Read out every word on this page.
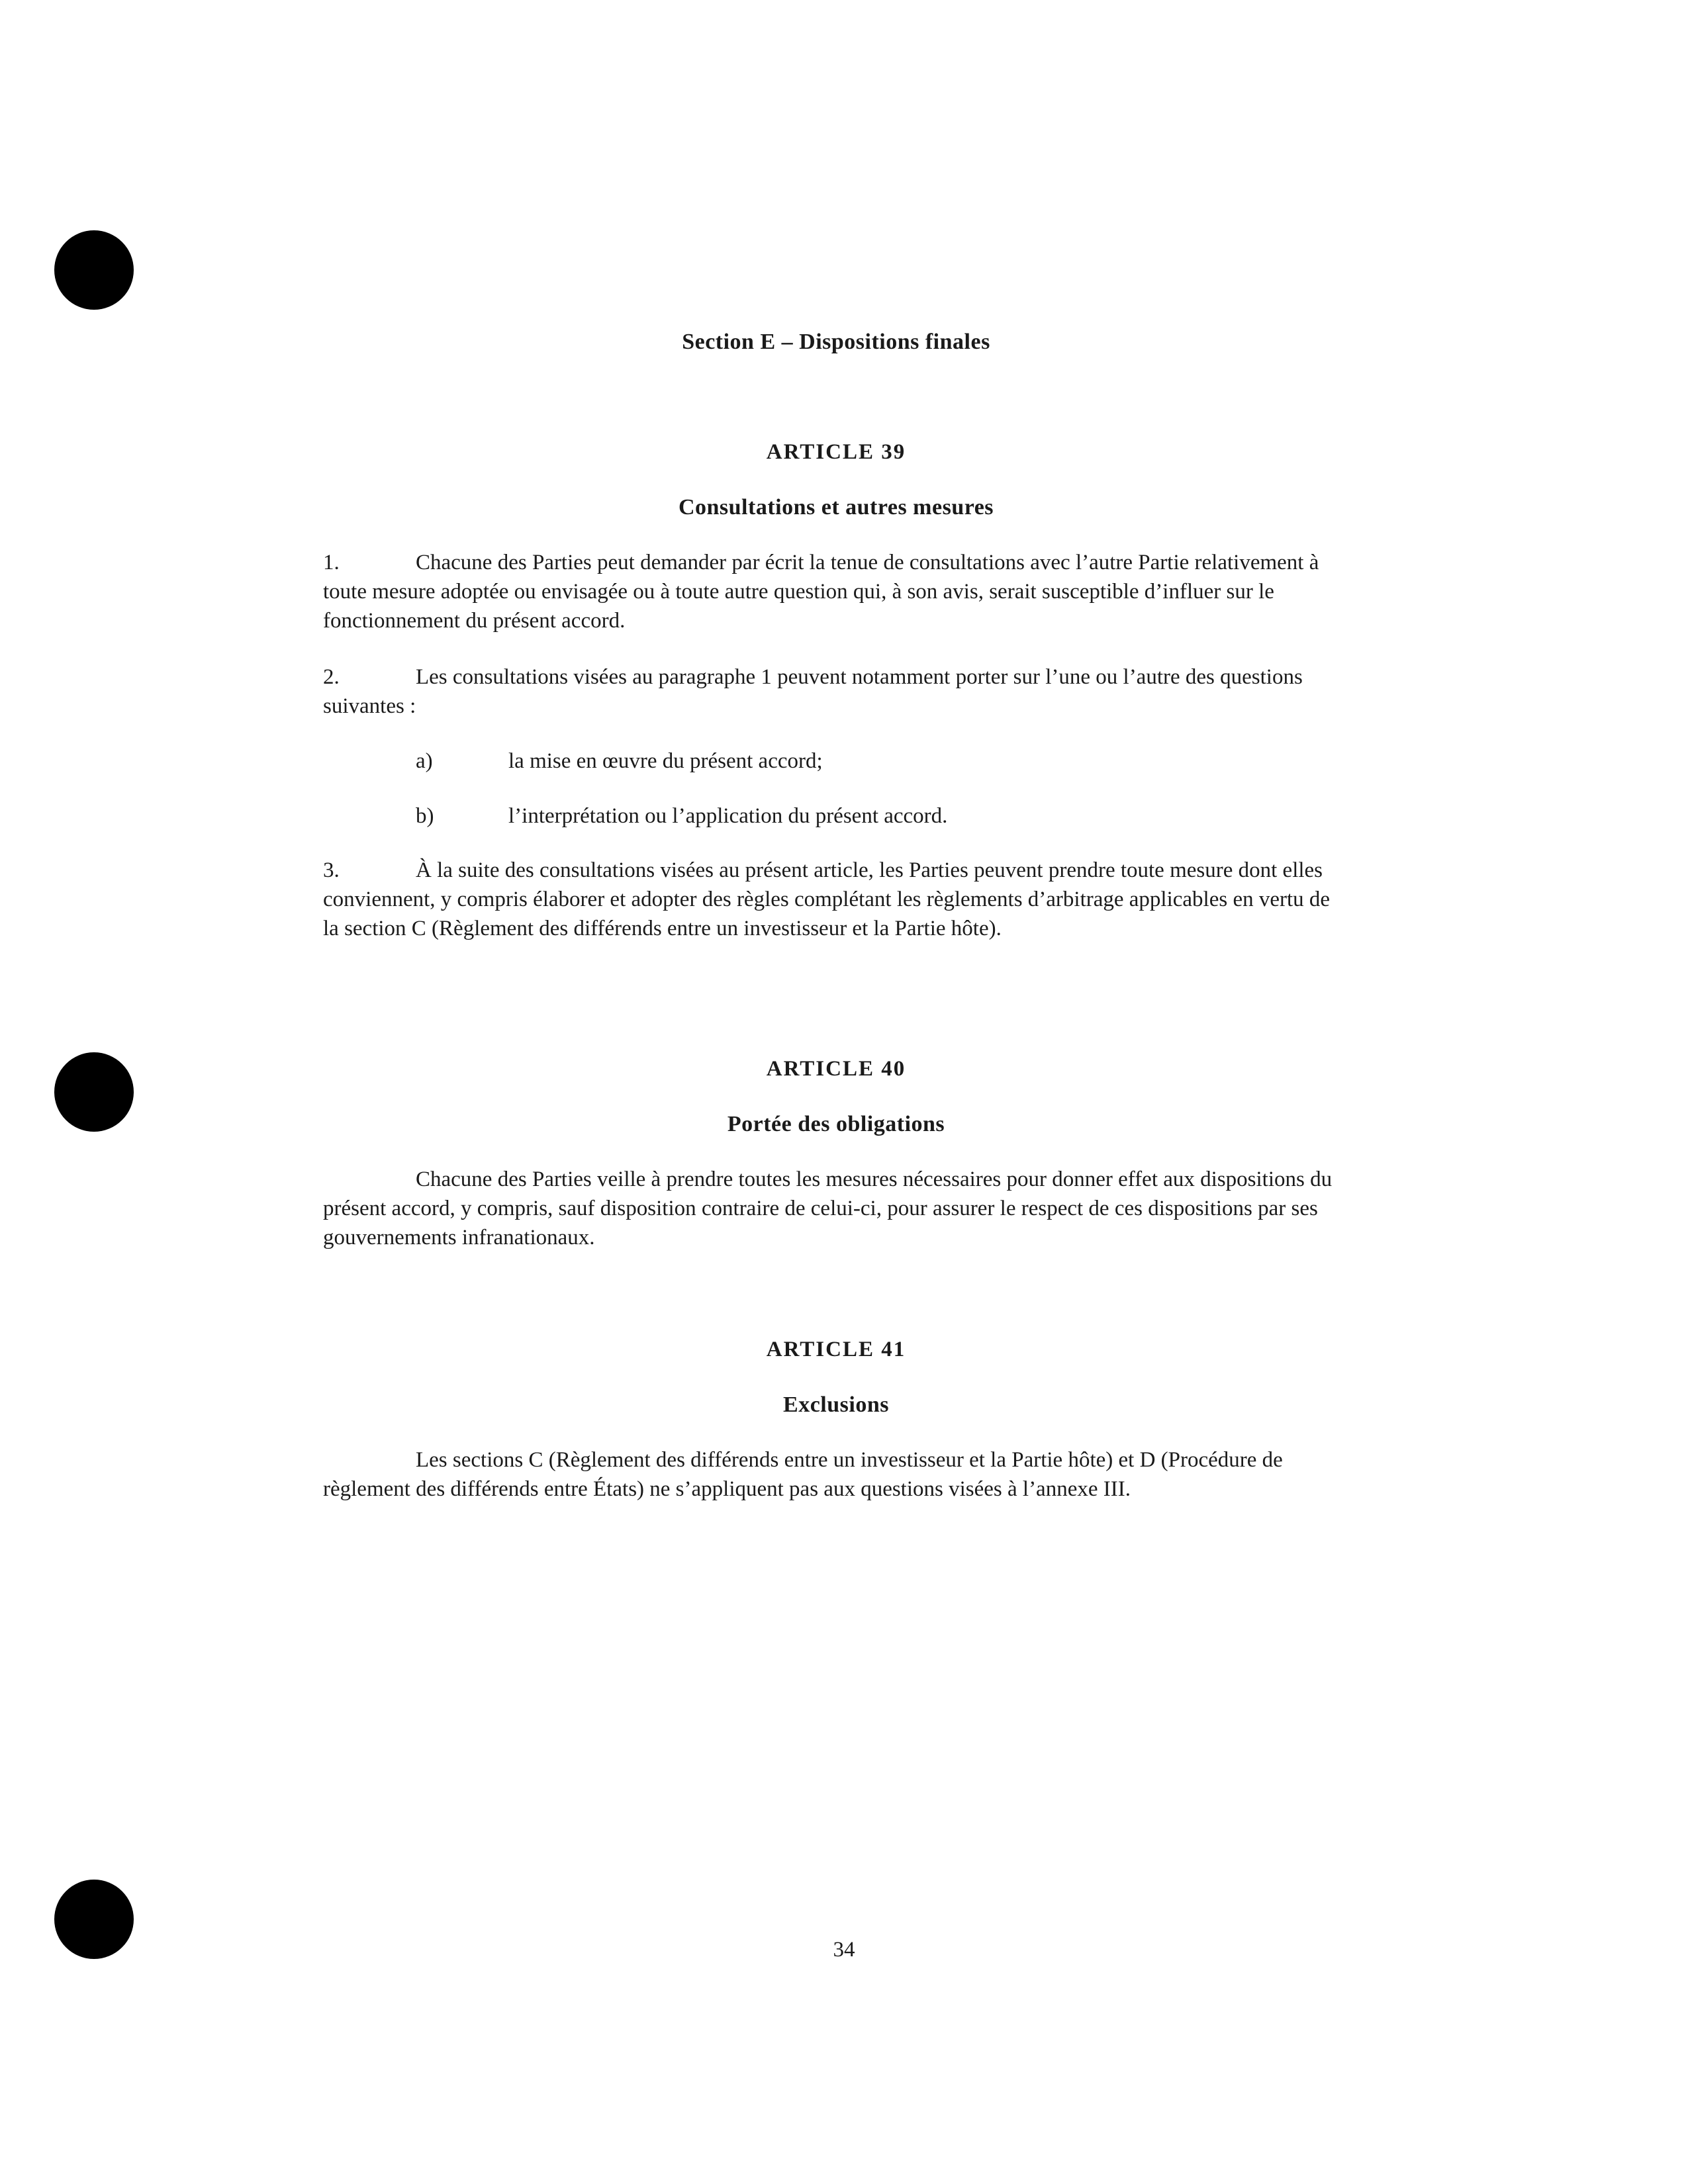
Section E – Dispositions finales
ARTICLE 39
Consultations et autres mesures

1.	Chacune des Parties peut demander par écrit la tenue de consultations avec l’autre Partie relativement à toute mesure adoptée ou envisagée ou à toute autre question qui, à son avis, serait susceptible d’influer sur le fonctionnement du présent accord.

2.	Les consultations visées au paragraphe 1 peuvent notamment porter sur l’une ou l’autre des questions suivantes :

a)	la mise en œuvre du présent accord;
b)	l’interprétation ou l’application du présent accord.

3.	À la suite des consultations visées au présent article, les Parties peuvent prendre toute mesure dont elles conviennent, y compris élaborer et adopter des règles complétant les règlements d’arbitrage applicables en vertu de la section C (Règlement des différends entre un investisseur et la Partie hôte).

ARTICLE 40
Portée des obligations

Chacune des Parties veille à prendre toutes les mesures nécessaires pour donner effet aux dispositions du présent accord, y compris, sauf disposition contraire de celui-ci, pour assurer le respect de ces dispositions par ses gouvernements infranationaux.

ARTICLE 41
Exclusions

Les sections C (Règlement des différends entre un investisseur et la Partie hôte) et D (Procédure de règlement des différends entre États) ne s’appliquent pas aux questions visées à l’annexe III.

34
